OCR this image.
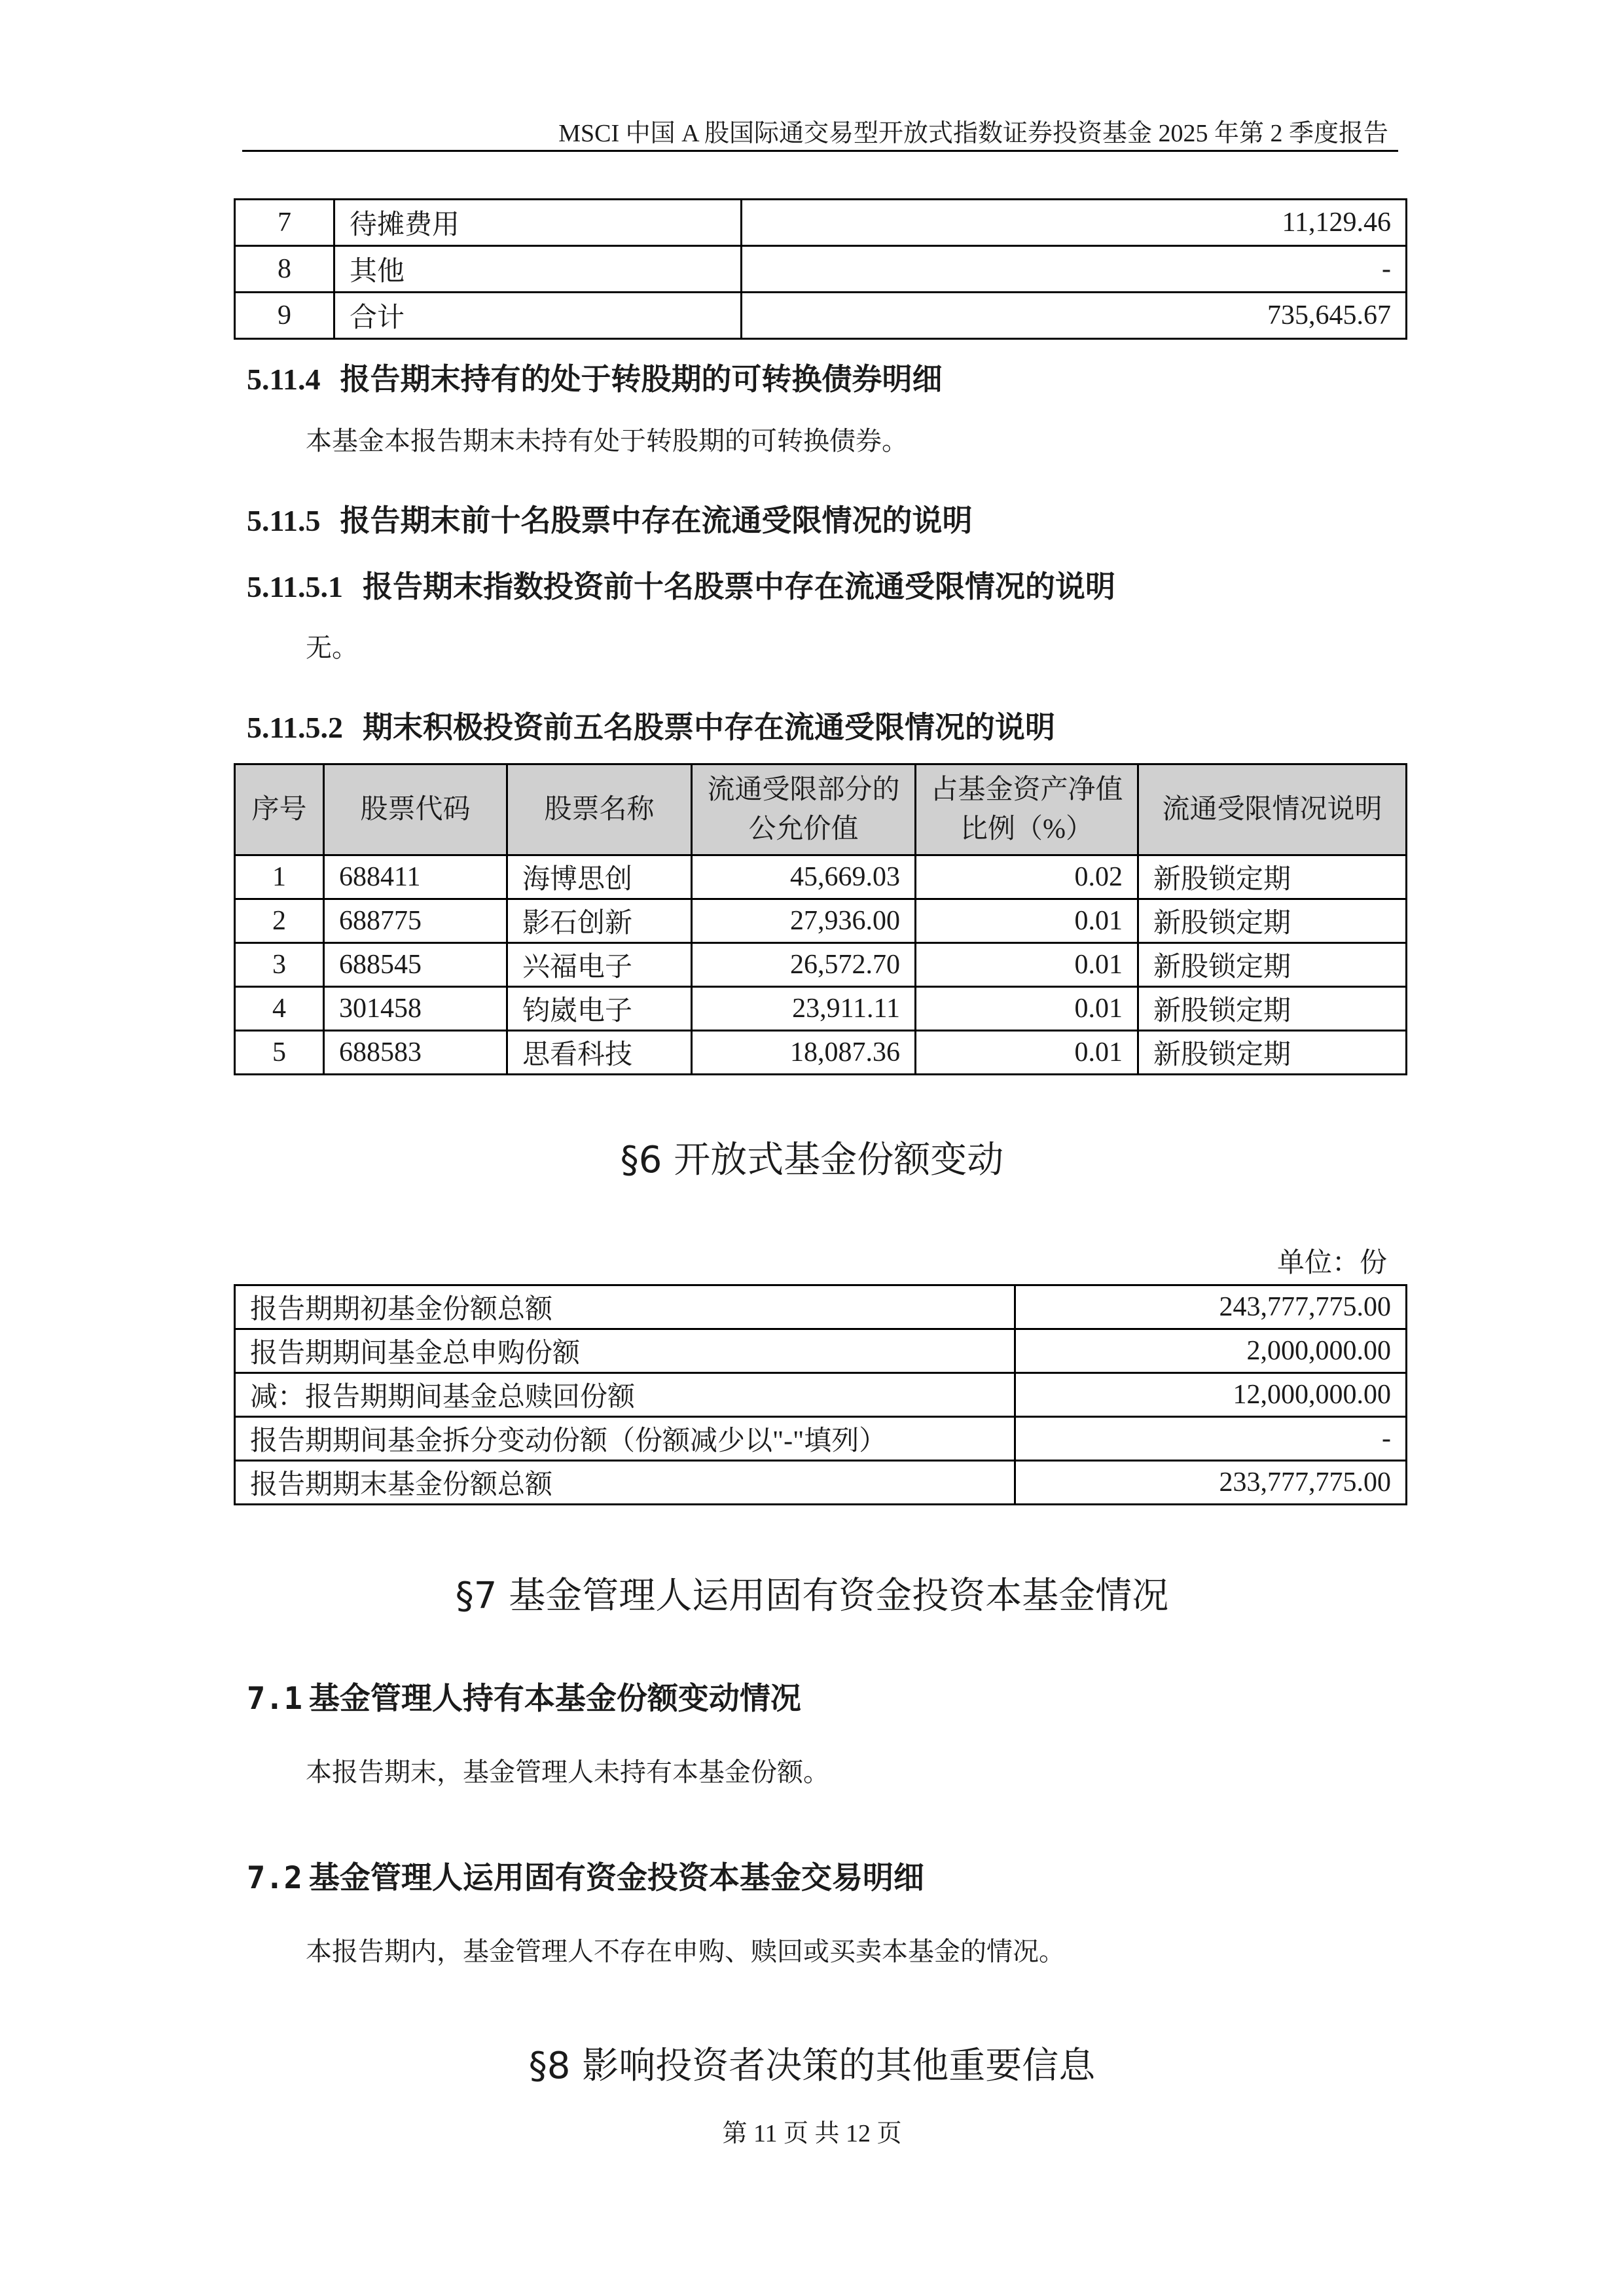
MSCI 中国 A 股国际通交易型开放式指数证券投资基金 2025 年第 2 季度报告
7	待摊费用	11,129.46
8	其他	-
9	合计	735,645.67
5.11.4 报告期末持有的处于转股期的可转换债券明细
本基金本报告期末未持有处于转股期的可转换债券。
5.11.5 报告期末前十名股票中存在流通受限情况的说明
5.11.5.1 报告期末指数投资前十名股票中存在流通受限情况的说明
无。
5.11.5.2 期末积极投资前五名股票中存在流通受限情况的说明
序号	股票代码	股票名称	流通受限部分的公允价值	占基金资产净值比例（%）	流通受限情况说明
1	688411	海博思创	45,669.03	0.02	新股锁定期
2	688775	影石创新	27,936.00	0.01	新股锁定期
3	688545	兴福电子	26,572.70	0.01	新股锁定期
4	301458	钧崴电子	23,911.11	0.01	新股锁定期
5	688583	思看科技	18,087.36	0.01	新股锁定期
§6 开放式基金份额变动
单位：份
报告期期初基金份额总额	243,777,775.00
报告期期间基金总申购份额	2,000,000.00
减：报告期期间基金总赎回份额	12,000,000.00
报告期期间基金拆分变动份额（份额减少以"-"填列）	-
报告期期末基金份额总额	233,777,775.00
§7 基金管理人运用固有资金投资本基金情况
7.1 基金管理人持有本基金份额变动情况
本报告期末，基金管理人未持有本基金份额。
7.2 基金管理人运用固有资金投资本基金交易明细
本报告期内，基金管理人不存在申购、赎回或买卖本基金的情况。
§8 影响投资者决策的其他重要信息
第 11 页 共 12 页
